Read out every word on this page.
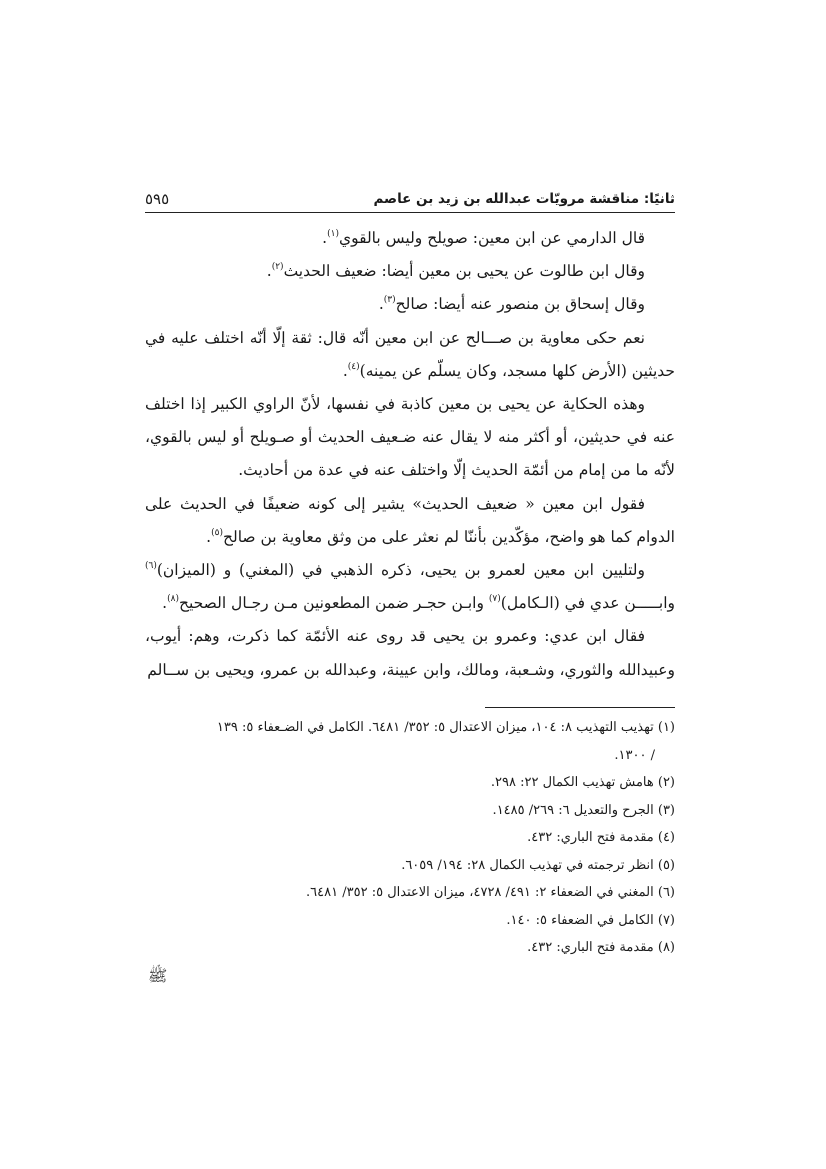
ثانيًا: مناقشة مرويّات عبدالله بن زيد بن عاصم
٥٩٥

قال الدارمي عن ابن معين: صويلح وليس بالقوي$^{(١)}$.

وقال ابن طالوت عن يحيى بن معين أيضا: ضعيف الحديث$^{(٢)}$.

وقال إسحاق بن منصور عنه أيضا: صالح$^{(٣)}$.

نعم حكى معاوية بن صـــالح عن ابن معين أنّه قال: ثقة إلّا أنّه اختلف عليه في حديثين (الأرض كلها مسجد، وكان يسلّم عن يمينه)$^{(٤)}$.

وهذه الحكاية عن يحيى بن معين كاذبة في نفسها، لأنّ الراوي الكبير إذا اختلف عنه في حديثين، أو أكثر منه لا يقال عنه ضـعيف الحديث أو صـويلح أو ليس بالقوي، لأنّه ما من إمام من أئمّة الحديث إلّا واختلف عنه في عدة من أحاديث.

فقول ابن معين « ضعيف الحديث» يشير إلى كونه ضعيفًا في الحديث على الدوام كما هو واضح، مؤكّدين بأننّا لم نعثر على من وثق معاوية بن صالح$^{(٥)}$.

ولتليين ابن معين لعمرو بن يحيى، ذكره الذهبي في (المغني) و (الميزان)$^{(٦)}$ وابـــــن عدي في (الـكامل)$^{(٧)}$ وابـن حجـر ضمن المطعونين مـن رجـال الصحيح$^{(٨)}$.

فقال ابن عدي: وعمرو بن يحيى قد روى عنه الأئمّة كما ذكرت، وهم: أيوب، وعبيدالله والثوري، وشـعبة، ومالك، وابن عيينة، وعبدالله بن عمرو، ويحيى بن ســالم

(١) تهذيب التهذيب ٨: ١٠٤، ميزان الاعتدال ٥: ٣٥٢/ ٦٤٨١. الكامل في الضـعفاء ٥: ١٣٩

/ ١٣٠٠.

(٢) هامش تهذيب الكمال ٢٢: ٢٩٨.

(٣) الجرح والتعديل ٦: ٢٦٩/ ١٤٨٥.

(٤) مقدمة فتح الباري: ٤٣٢.

(٥) انظر ترجمته في تهذيب الكمال ٢٨: ١٩٤/ ٦٠٥٩.

(٦) المغني في الضعفاء ٢: ٤٩١/ ٤٧٢٨، ميزان الاعتدال ٥: ٣٥٢/ ٦٤٨١.

(٧) الكامل في الضعفاء ٥: ١٤٠.

(٨) مقدمة فتح الباري: ٤٣٢.

ﷺ
